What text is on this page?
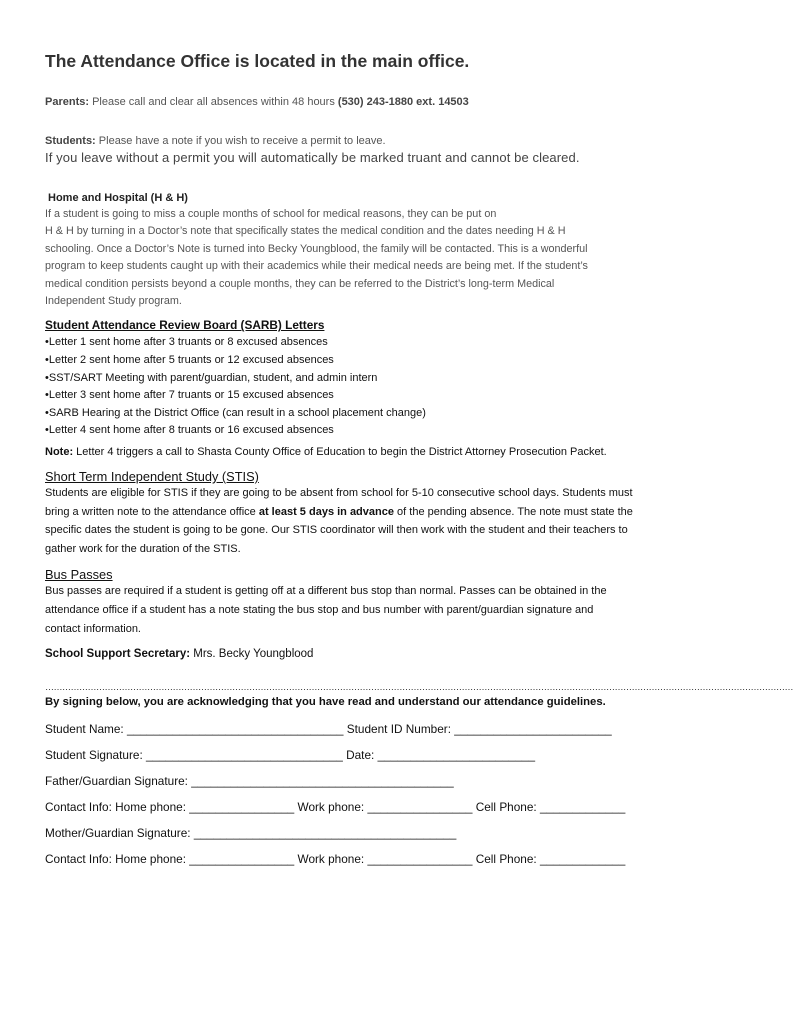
The Attendance Office is located in the main office.
Parents: Please call and clear all absences within 48 hours (530) 243-1880 ext. 14503
Students: Please have a note if you wish to receive a permit to leave.
If you leave without a permit you will automatically be marked truant and cannot be cleared.
Home and Hospital (H & H)
If a student is going to miss a couple months of school for medical reasons, they can be put on
H & H by turning in a Doctor’s note that specifically states the medical condition and the dates needing H & H
schooling. Once a Doctor’s Note is turned into Becky Youngblood, the family will be contacted. This is a wonderful
program to keep students caught up with their academics while their medical needs are being met. If the student’s
medical condition persists beyond a couple months, they can be referred to the District’s long-term Medical
Independent Study program.
Student Attendance Review Board (SARB) Letters
• Letter 1 sent home after 3 truants or 8 excused absences
• Letter 2 sent home after 5 truants or 12 excused absences
• SST/SART Meeting with parent/guardian, student, and admin intern
• Letter 3 sent home after 7 truants or 15 excused absences
• SARB Hearing at the District Office (can result in a school placement change)
• Letter 4 sent home after 8 truants or 16 excused absences
Note: Letter 4 triggers a call to Shasta County Office of Education to begin the District Attorney Prosecution Packet.
Short Term Independent Study (STIS)
Students are eligible for STIS if they are going to be absent from school for 5-10 consecutive school days. Students must
bring a written note to the attendance office at least 5 days in advance of the pending absence. The note must state the
specific dates the student is going to be gone. Our STIS coordinator will then work with the student and their teachers to
gather work for the duration of the STIS.
Bus Passes
Bus passes are required if a student is getting off at a different bus stop than normal. Passes can be obtained in the
attendance office if a student has a note stating the bus stop and bus number with parent/guardian signature and
contact information.
School Support Secretary: Mrs. Becky Youngblood
…………………………………………………………………………………………………………………………………………………………………………………………………………………………………………
By signing below, you are acknowledging that you have read and understand our attendance guidelines.
Student Name: _________________________________ Student ID Number: ________________________
Student Signature: ______________________________ Date: ________________________
Father/Guardian Signature: ________________________________________
Contact Info: Home phone: ________________ Work phone: ________________ Cell Phone: _____________
Mother/Guardian Signature: ________________________________________
Contact Info: Home phone: ________________ Work phone: ________________ Cell Phone: _____________
